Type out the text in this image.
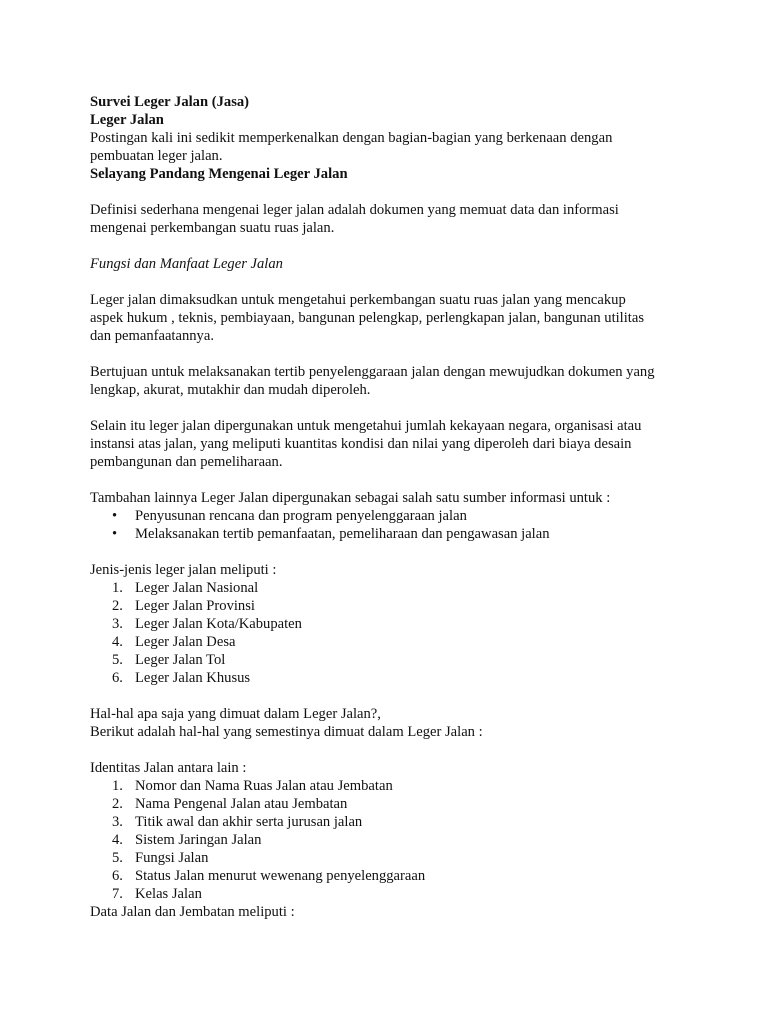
Survei Leger Jalan (Jasa)

Leger Jalan

Postingan kali ini sedikit memperkenalkan dengan bagian-bagian yang berkenaan dengan

pembuatan leger jalan.

Selayang Pandang Mengenai Leger Jalan

Definisi sederhana mengenai leger jalan adalah dokumen yang memuat data dan informasi

mengenai perkembangan suatu ruas jalan.

Fungsi dan Manfaat Leger Jalan

Leger jalan dimaksudkan untuk mengetahui perkembangan suatu ruas jalan yang mencakup

aspek hukum , teknis, pembiayaan, bangunan pelengkap, perlengkapan jalan, bangunan utilitas

dan pemanfaatannya.

Bertujuan untuk melaksanakan tertib penyelenggaraan jalan dengan mewujudkan dokumen yang

lengkap, akurat, mutakhir dan mudah diperoleh.

Selain itu leger jalan dipergunakan untuk mengetahui jumlah kekayaan negara, organisasi atau

instansi atas jalan, yang meliputi kuantitas kondisi dan nilai yang diperoleh dari biaya desain

pembangunan dan pemeliharaan.

Tambahan lainnya Leger Jalan dipergunakan sebagai salah satu sumber informasi untuk :

• Penyusunan rencana dan program penyelenggaraan jalan
• Melaksanakan tertib pemanfaatan, pemeliharaan dan pengawasan jalan

Jenis-jenis leger jalan meliputi :

1. Leger Jalan Nasional
2. Leger Jalan Provinsi
3. Leger Jalan Kota/Kabupaten
4. Leger Jalan Desa
5. Leger Jalan Tol
6. Leger Jalan Khusus

Hal-hal apa saja yang dimuat dalam Leger Jalan?,

Berikut adalah hal-hal yang semestinya dimuat dalam Leger Jalan :

Identitas Jalan antara lain :

1. Nomor dan Nama Ruas Jalan atau Jembatan
2. Nama Pengenal Jalan atau Jembatan
3. Titik awal dan akhir serta jurusan jalan
4. Sistem Jaringan Jalan
5. Fungsi Jalan
6. Status Jalan menurut wewenang penyelenggaraan
7. Kelas Jalan

Data Jalan dan Jembatan meliputi :
